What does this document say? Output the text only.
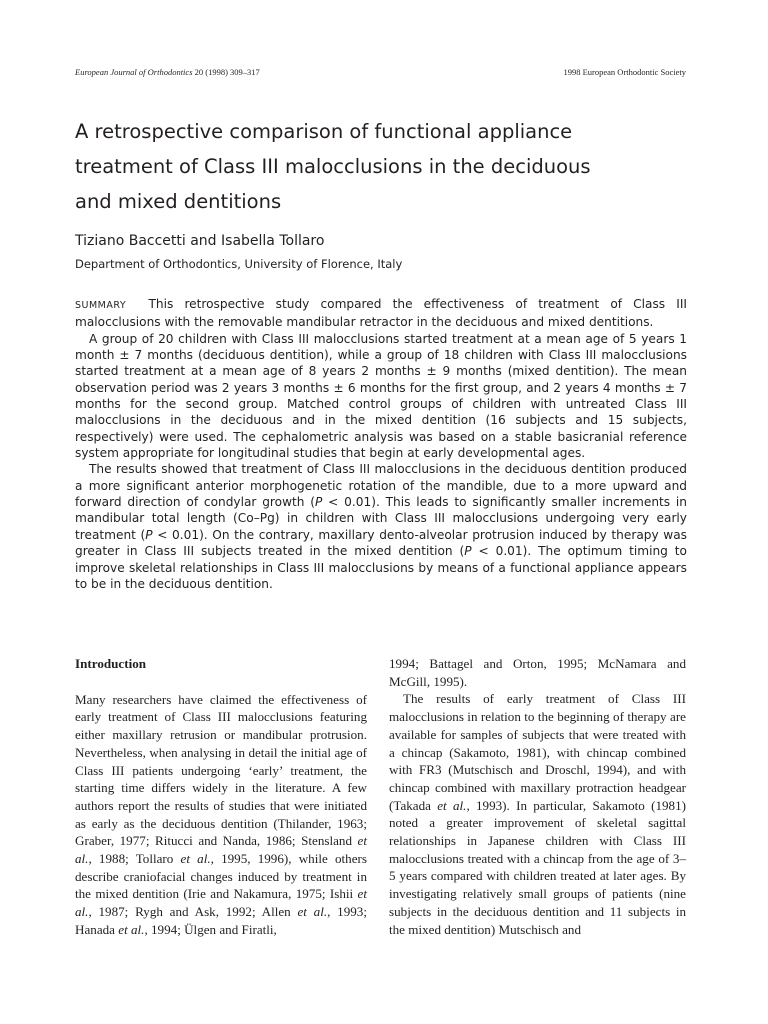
European Journal of Orthodontics 20 (1998) 309–317	1998 European Orthodontic Society
A retrospective comparison of functional appliance
treatment of Class III malocclusions in the deciduous
and mixed dentitions
Tiziano Baccetti and Isabella Tollaro
Department of Orthodontics, University of Florence, Italy

SUMMARY This retrospective study compared the effectiveness of treatment of Class III malocclusions with the removable mandibular retractor in the deciduous and mixed dentitions.

A group of 20 children with Class III malocclusions started treatment at a mean age of 5 years 1 month ± 7 months (deciduous dentition), while a group of 18 children with Class III malocclusions started treatment at a mean age of 8 years 2 months ± 9 months (mixed dentition). The mean observation period was 2 years 3 months ± 6 months for the first group, and 2 years 4 months ± 7 months for the second group. Matched control groups of children with untreated Class III malocclusions in the deciduous and in the mixed dentition (16 subjects and 15 subjects, respectively) were used. The cephalometric analysis was based on a stable basicranial reference system appropriate for longitudinal studies that begin at early developmental ages.

The results showed that treatment of Class III malocclusions in the deciduous dentition produced a more significant anterior morphogenetic rotation of the mandible, due to a more upward and forward direction of condylar growth (P < 0.01). This leads to significantly smaller increments in mandibular total length (Co–Pg) in children with Class III malocclusions undergoing very early treatment (P < 0.01). On the contrary, maxillary dento-alveolar protrusion induced by therapy was greater in Class III subjects treated in the mixed dentition (P < 0.01). The optimum timing to improve skeletal relationships in Class III malocclusions by means of a functional appliance appears to be in the deciduous dentition.

Introduction

Many researchers have claimed the effectiveness of early treatment of Class III malocclusions featuring either maxillary retrusion or mandibular protrusion. Nevertheless, when analysing in detail the initial age of Class III patients undergoing ‘early’ treatment, the starting time differs widely in the literature. A few authors report the results of studies that were initiated as early as the deciduous dentition (Thilander, 1963; Graber, 1977; Ritucci and Nanda, 1986; Stensland et al., 1988; Tollaro et al., 1995, 1996), while others describe craniofacial changes induced by treatment in the mixed dentition (Irie and Nakamura, 1975; Ishii et al., 1987; Rygh and Ask, 1992; Allen et al., 1993; Hanada et al., 1994; Ülgen and Firatli,

1994; Battagel and Orton, 1995; McNamara and McGill, 1995).

The results of early treatment of Class III malocclusions in relation to the beginning of therapy are available for samples of subjects that were treated with a chincap (Sakamoto, 1981), with chincap combined with FR3 (Mutschisch and Droschl, 1994), and with chincap combined with maxillary protraction headgear (Takada et al., 1993). In particular, Sakamoto (1981) noted a greater improvement of skeletal sagittal relationships in Japanese children with Class III malocclusions treated with a chincap from the age of 3–5 years compared with children treated at later ages. By investigating relatively small groups of patients (nine subjects in the deciduous dentition and 11 subjects in the mixed dentition) Mutschisch and
